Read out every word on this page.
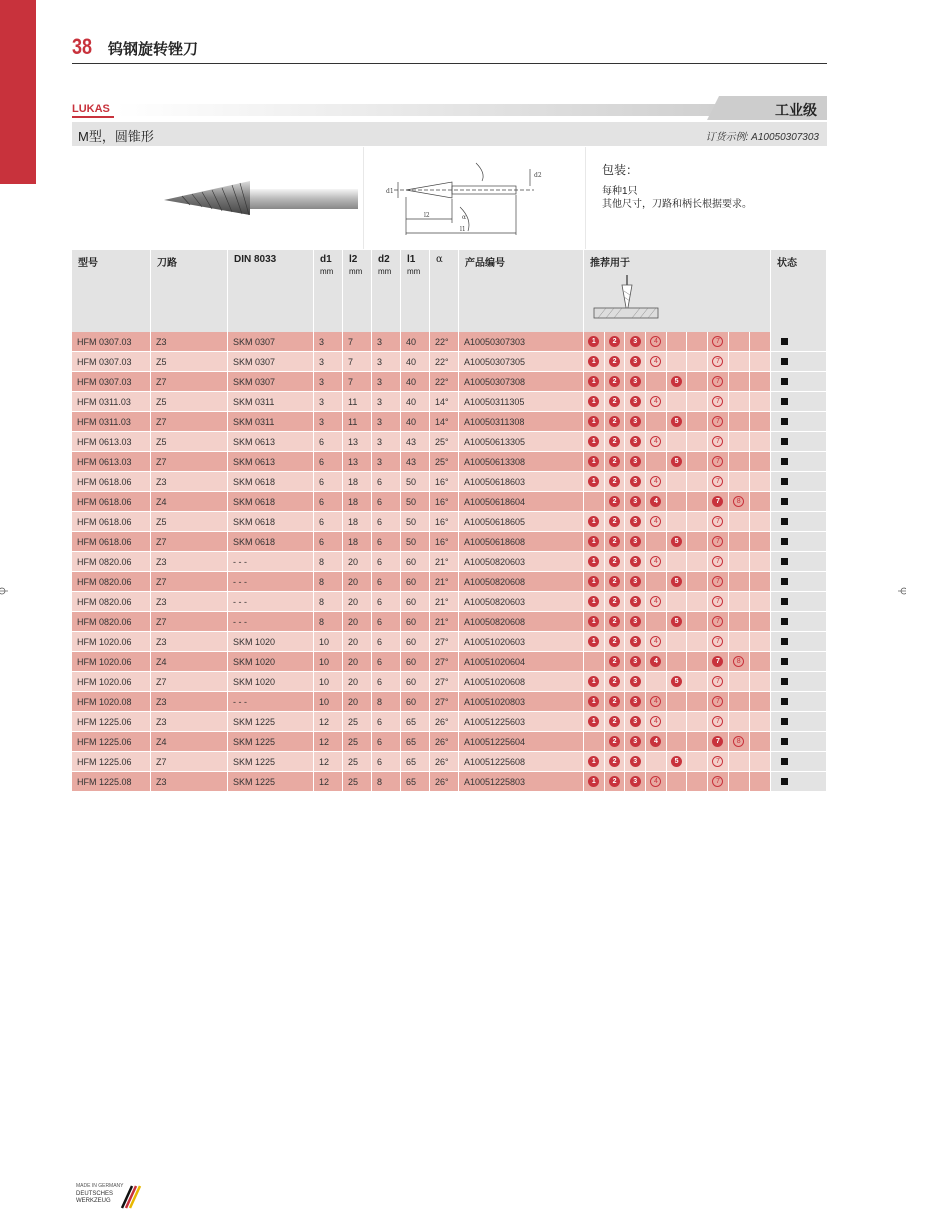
38 钨钢旋转锉刀
LUKAS	工业级
M型，圆锥形	订货示例: A10050307303
l2
l1
d1
d2
α
包装：
每种1只
其他尺寸，刀路和柄长根据要求。
型号	刀路	DIN 8033	d1
mm	l2
mm	d2
mm	l1
mm	α	产品编号	推荐用于	状态
HFM 0307.03	Z3	SKM 0307	3	7	3	40	22°	A10050307303	1 2 3 4 7	

HFM 0307.03	Z5	SKM 0307	3	7	3	40	22°	A10050307305	1 2 3 4 7	

HFM 0307.03	Z7	SKM 0307	3	7	3	40	22°	A10050307308	1 2 3 5 7	

HFM 0311.03	Z5	SKM 0311	3	11	3	40	14°	A10050311305	1 2 3 4 7	

HFM 0311.03	Z7	SKM 0311	3	11	3	40	14°	A10050311308	1 2 3 5 7	

HFM 0613.03	Z5	SKM 0613	6	13	3	43	25°	A10050613305	1 2 3 4 7	

HFM 0613.03	Z7	SKM 0613	6	13	3	43	25°	A10050613308	1 2 3 5 7	

HFM 0618.06	Z3	SKM 0618	6	18	6	50	16°	A10050618603	1 2 3 4 7	

HFM 0618.06	Z4	SKM 0618	6	18	6	50	16°	A10050618604	2 3 4 7 8	

HFM 0618.06	Z5	SKM 0618	6	18	6	50	16°	A10050618605	1 2 3 4 7	

HFM 0618.06	Z7	SKM 0618	6	18	6	50	16°	A10050618608	1 2 3 5 7	

HFM 0820.06	Z3	- - -	8	20	6	60	21°	A10050820603	1 2 3 4 7	

HFM 0820.06	Z7	- - -	8	20	6	60	21°	A10050820608	1 2 3 5 7	

HFM 0820.06	Z3	- - -	8	20	6	60	21°	A10050820603	1 2 3 4 7	

HFM 0820.06	Z7	- - -	8	20	6	60	21°	A10050820608	1 2 3 5 7	

HFM 1020.06	Z3	SKM 1020	10	20	6	60	27°	A10051020603	1 2 3 4 7	

HFM 1020.06	Z4	SKM 1020	10	20	6	60	27°	A10051020604	2 3 4 7 8	

HFM 1020.06	Z7	SKM 1020	10	20	6	60	27°	A10051020608	1 2 3 5 7	

HFM 1020.08	Z3	- - -	10	20	8	60	27°	A10051020803	1 2 3 4 7	

HFM 1225.06	Z3	SKM 1225	12	25	6	65	26°	A10051225603	1 2 3 4 7	

HFM 1225.06	Z4	SKM 1225	12	25	6	65	26°	A10051225604	2 3 4 7 8	

HFM 1225.06	Z7	SKM 1225	12	25	6	65	26°	A10051225608	1 2 3 5 7	

HFM 1225.08	Z3	SKM 1225	12	25	8	65	26°	A10051225803	1 2 3 4 7	

MADE IN GERMANY
DEUTSCHES
WERKZEUG
